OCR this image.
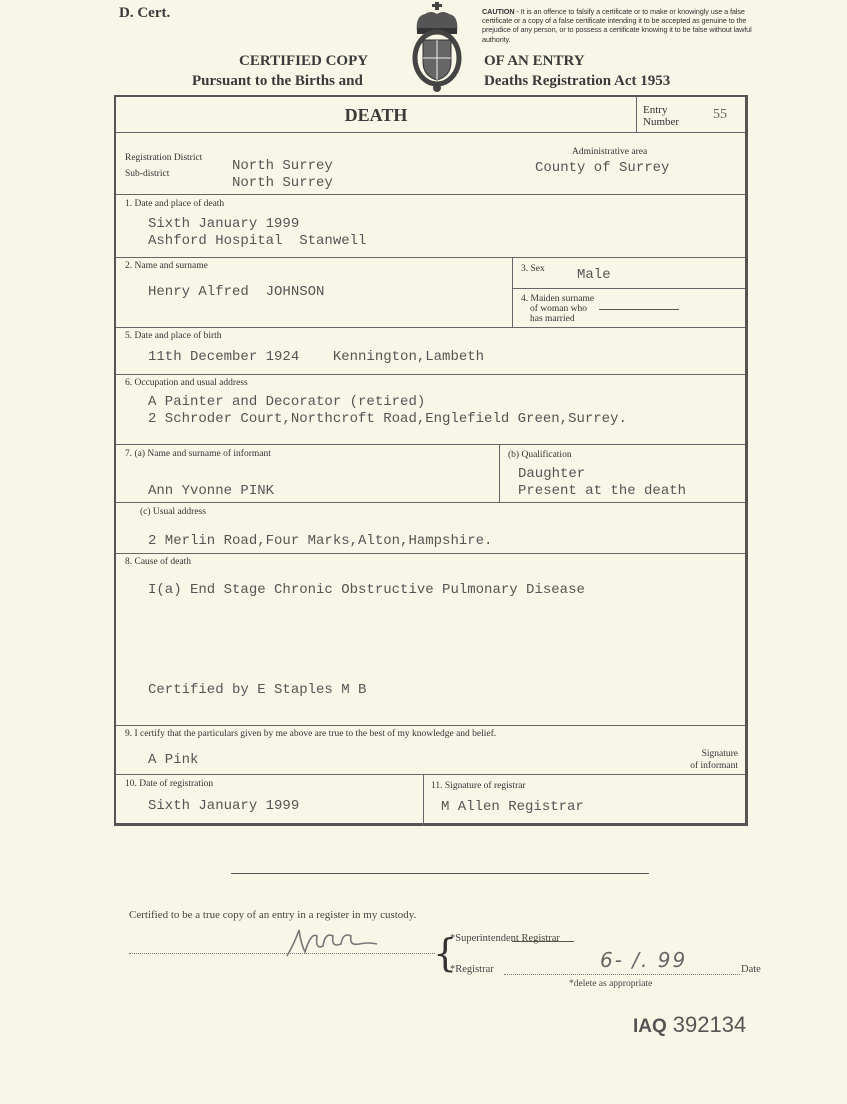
D. Cert.	CAUTION - It is an offence to falsify a certificate or to make or knowingly use a false certificate or a copy of a false certificate intending it to be accepted as genuine to the prejudice of any person, or to possess a certificate knowing it to be false without lawful authority.
CERTIFIED COPY
Pursuant to the Births and
OF AN ENTRY
Deaths Registration Act 1953
DEATH	Entry
Number 55
Registration District
Sub-district	North Surrey
North Surrey
Administrative area
County of Surrey
1. Date and place of death
Sixth January 1999
Ashford Hospital  Stanwell
2. Name and surname
Henry Alfred  JOHNSON
3. Sex Male
4. Maiden surname
of woman who
has married
5. Date and place of birth
11th December 1924    Kennington,Lambeth
6. Occupation and usual address
A Painter and Decorator (retired)
2 Schroder Court,Northcroft Road,Englefield Green,Surrey.
7. (a) Name and surname of informant
Ann Yvonne PINK
(b) Qualification
Daughter
Present at the death
(c) Usual address
2 Merlin Road,Four Marks,Alton,Hampshire.
8. Cause of death
I(a) End Stage Chronic Obstructive Pulmonary Disease
Certified by E Staples M B
9. I certify that the particulars given by me above are true to the best of my knowledge and belief.
A Pink	Signature
of informant
10. Date of registration
Sixth January 1999
11. Signature of registrar
M Allen Registrar
Certified to be a true copy of an entry in a register in my custody.
{
*Superintendent Registrar
*Registrar	6- /. 99	Date
*delete as appropriate
IAQ 392134
